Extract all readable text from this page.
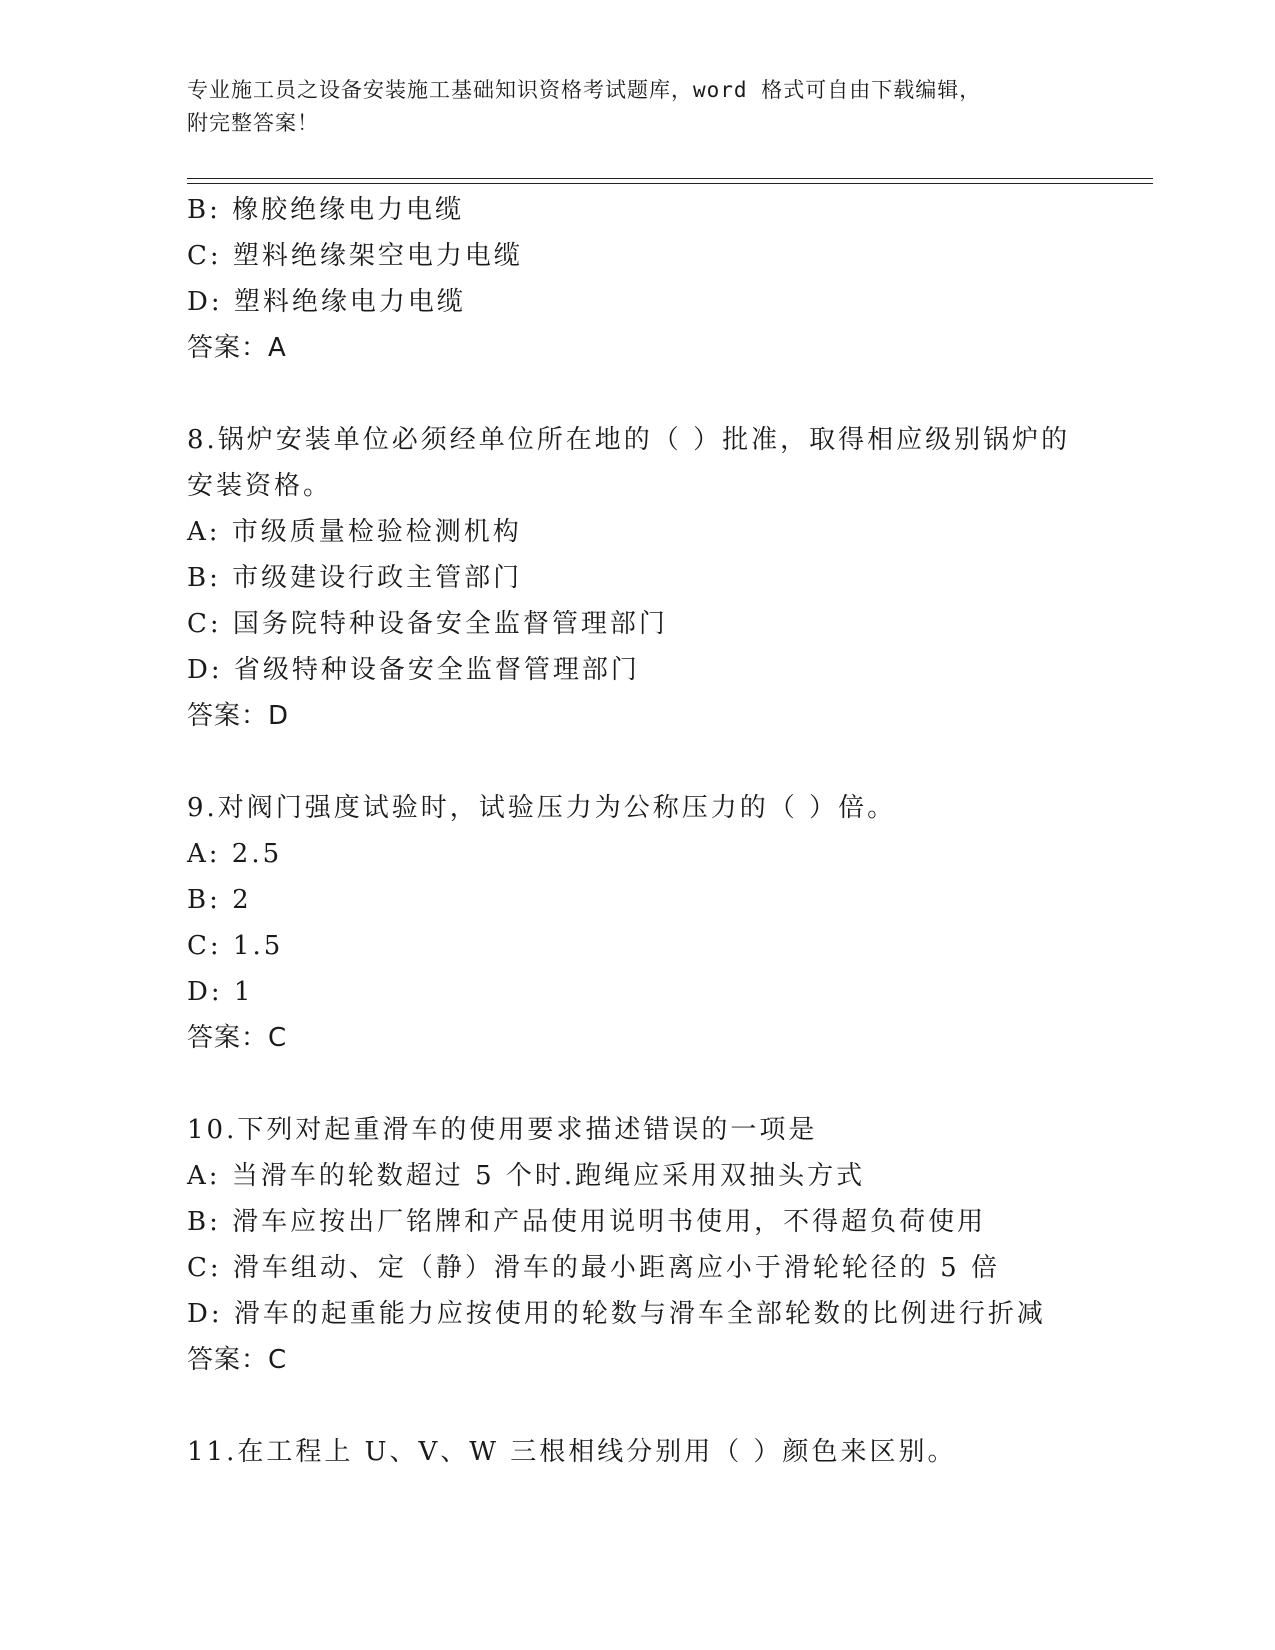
专业施工员之设备安装施工基础知识资格考试题库，word 格式可自由下载编辑，
附完整答案！
B: 橡胶绝缘电力电缆
C: 塑料绝缘架空电力电缆
D: 塑料绝缘电力电缆
答案：A
8.锅炉安装单位必须经单位所在地的（ ）批准，取得相应级别锅炉的
安装资格。
A: 市级质量检验检测机构
B: 市级建设行政主管部门
C: 国务院特种设备安全监督管理部门
D: 省级特种设备安全监督管理部门
答案：D
9.对阀门强度试验时，试验压力为公称压力的（ ）倍。
A: 2.5
B: 2
C: 1.5
D: 1
答案：C
10.下列对起重滑车的使用要求描述错误的一项是
A: 当滑车的轮数超过 5 个时.跑绳应采用双抽头方式
B: 滑车应按出厂铭牌和产品使用说明书使用，不得超负荷使用
C: 滑车组动、定（静）滑车的最小距离应小于滑轮轮径的 5 倍
D: 滑车的起重能力应按使用的轮数与滑车全部轮数的比例进行折减
答案：C
11.在工程上 U、V、W 三根相线分别用（ ）颜色来区别。
